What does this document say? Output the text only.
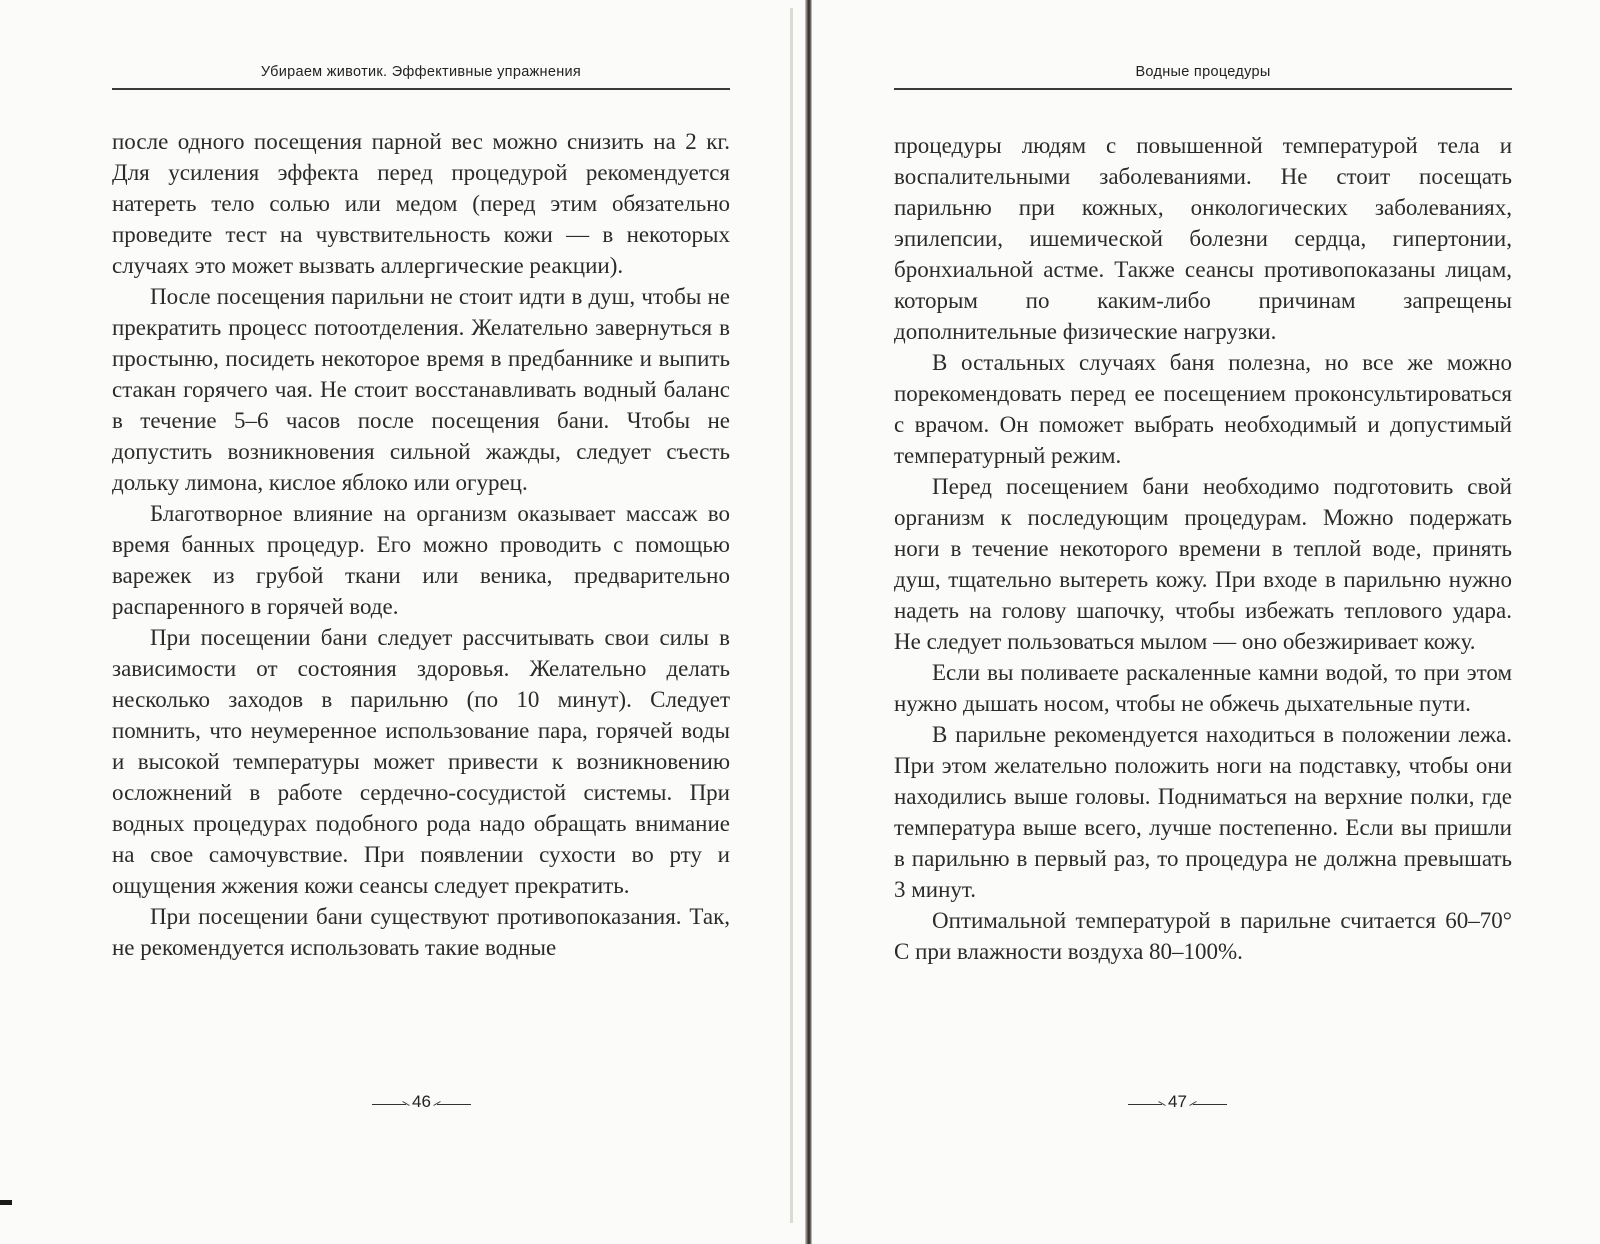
Убираем животик. Эффективные упражнения

после одного посещения парной вес можно снизить на 2 кг. Для усиления эффекта перед процедурой рекомендуется натереть тело солью или медом (перед этим обязательно проведите тест на чувствительность кожи — в некоторых случаях это может вызвать аллергические реакции).

После посещения парильни не стоит идти в душ, чтобы не прекратить процесс потоотделения. Желательно завернуться в простыню, посидеть некоторое время в предбаннике и выпить стакан горячего чая. Не стоит восстанавливать водный баланс в течение 5–6 часов после посещения бани. Чтобы не допустить возникновения сильной жажды, следует съесть дольку лимона, кислое яблоко или огурец.

Благотворное влияние на организм оказывает массаж во время банных процедур. Его можно проводить с помощью варежек из грубой ткани или веника, предварительно распаренного в горячей воде.

При посещении бани следует рассчитывать свои силы в зависимости от состояния здоровья. Желательно делать несколько заходов в парильню (по 10 минут). Следует помнить, что неумеренное использование пара, горячей воды и высокой температуры может привести к возникновению осложнений в работе сердечно-сосудистой системы. При водных процедурах подобного рода надо обращать внимание на свое самочувствие. При появлении сухости во рту и ощущения жжения кожи сеансы следует прекратить.

При посещении бани существуют противопоказания. Так, не рекомендуется использовать такие водные

46
Водные процедуры

процедуры людям с повышенной температурой тела и воспалительными заболеваниями. Не стоит посещать парильню при кожных, онкологических заболеваниях, эпилепсии, ишемической болезни сердца, гипертонии, бронхиальной астме. Также сеансы противопоказаны лицам, которым по каким-либо причинам запрещены дополнительные физические нагрузки.

В остальных случаях баня полезна, но все же можно порекомендовать перед ее посещением проконсультироваться с врачом. Он поможет выбрать необходимый и допустимый температурный режим.

Перед посещением бани необходимо подготовить свой организм к последующим процедурам. Можно подержать ноги в течение некоторого времени в теплой воде, принять душ, тщательно вытереть кожу. При входе в парильню нужно надеть на голову шапочку, чтобы избежать теплового удара. Не следует пользоваться мылом — оно обезжиривает кожу.

Если вы поливаете раскаленные камни водой, то при этом нужно дышать носом, чтобы не обжечь дыхательные пути.

В парильне рекомендуется находиться в положении лежа. При этом желательно положить ноги на подставку, чтобы они находились выше головы. Подниматься на верхние полки, где температура выше всего, лучше постепенно. Если вы пришли в парильню в первый раз, то процедура не должна превышать 3 минут.

Оптимальной температурой в парильне считается 60–70° С при влажности воздуха 80–100%.

47
